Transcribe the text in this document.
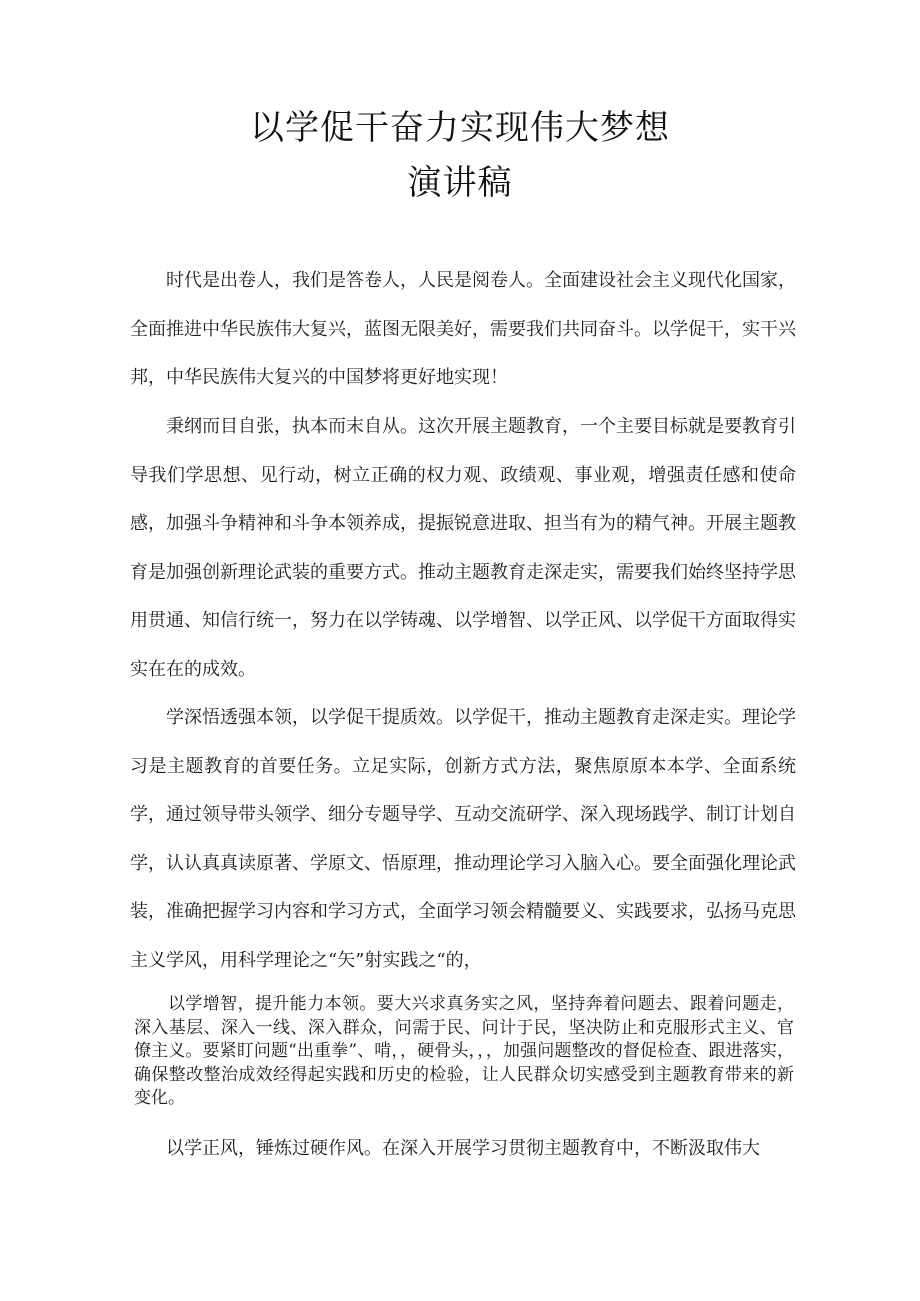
以学促干奋力实现伟大梦想
演讲稿

时代是出卷人，我们是答卷人，人民是阅卷人。全面建设社会主义现代化国家，全面推进中华民族伟大复兴，蓝图无限美好，需要我们共同奋斗。以学促干，实干兴邦，中华民族伟大复兴的中国梦将更好地实现！

秉纲而目自张，执本而末自从。这次开展主题教育，一个主要目标就是要教育引导我们学思想、见行动，树立正确的权力观、政绩观、事业观，增强责任感和使命感，加强斗争精神和斗争本领养成，提振锐意进取、担当有为的精气神。开展主题教育是加强创新理论武装的重要方式。推动主题教育走深走实，需要我们始终坚持学思用贯通、知信行统一，努力在以学铸魂、以学增智、以学正风、以学促干方面取得实实在在的成效。

学深悟透强本领，以学促干提质效。以学促干，推动主题教育走深走实。理论学习是主题教育的首要任务。立足实际，创新方式方法，聚焦原原本本学、全面系统学，通过领导带头领学、细分专题导学、互动交流研学、深入现场践学、制订计划自学，认认真真读原著、学原文、悟原理，推动理论学习入脑入心。要全面强化理论武装，准确把握学习内容和学习方式，全面学习领会精髓要义、实践要求，弘扬马克思主义学风，用科学理论之“矢”射实践之“的，

以学增智，提升能力本领。要大兴求真务实之风，坚持奔着问题去、跟着问题走，深入基层、深入一线、深入群众，问需于民、问计于民，坚决防止和克服形式主义、官僚主义。要紧盯问题“出重拳”、啃，，硬骨头，，，加强问题整改的督促检查、跟进落实，确保整改整治成效经得起实践和历史的检验，让人民群众切实感受到主题教育带来的新变化。

以学正风，锤炼过硬作风。在深入开展学习贯彻主题教育中，不断汲取伟大
